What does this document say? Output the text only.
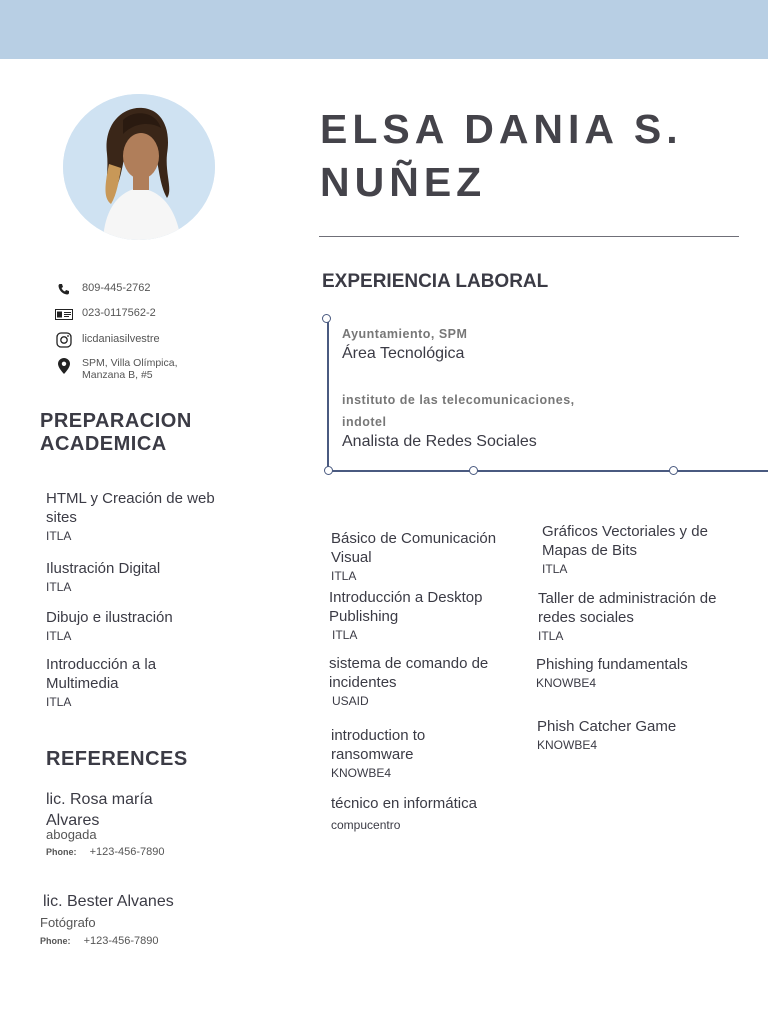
ELSA DANIA S.
NUÑEZ
809-445-2762
023-0117562-2
licdaniasilvestre
SPM, Villa Olímpica,
Manzana B, #5
PREPARACION
ACADEMICA
HTML y Creación de web sites
ITLA
Ilustración Digital
ITLA
Dibujo e ilustración
ITLA
Introducción a la Multimedia
ITLA
REFERENCES
lic. Rosa maría
Alvares
abogada
Phone: +123-456-7890
lic. Bester Alvanes
Fotógrafo
Phone: +123-456-7890
EXPERIENCIA LABORAL
Ayuntamiento, SPM
Área Tecnológica
instituto de las telecomunicaciones,
indotel
Analista de Redes Sociales
Básico de Comunicación Visual
ITLA
Introducción a Desktop Publishing
ITLA
sistema de comando de incidentes
USAID
introduction to ransomware
KNOWBE4
técnico en informática
compucentro
Gráficos Vectoriales y de Mapas de Bits
ITLA
Taller de administración de redes sociales
ITLA
Phishing fundamentals
KNOWBE4
Phish Catcher Game
KNOWBE4
